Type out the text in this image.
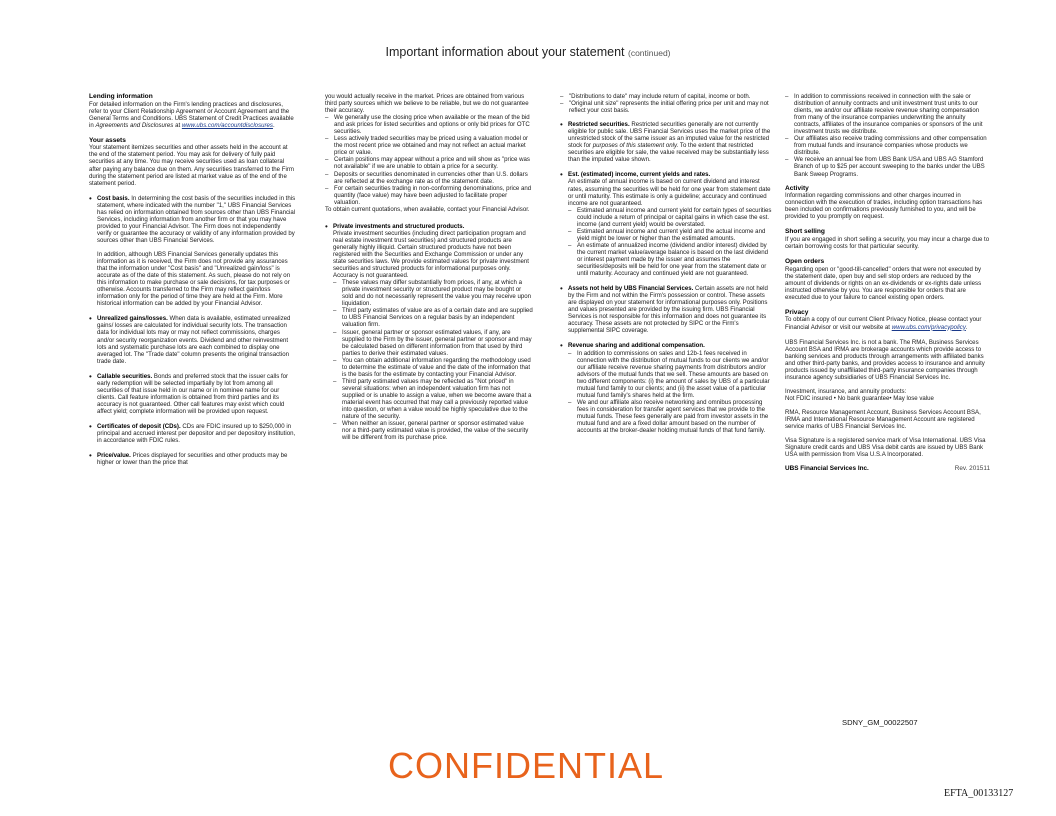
Important information about your statement (continued)
Lending information
For detailed information on the Firm's lending practices and disclosures, refer to your Client Relationship Agreement or Account Agreement and the General Terms and Conditions. UBS Statement of Credit Practices available in Agreements and Disclosures at www.ubs.com/accountdisclosures.
Your assets
Your statement itemizes securities and other assets held in the account at the end of the statement period. You may ask for delivery of fully paid securities at any time. You may receive securities used as loan collateral after paying any balance due on them. Any securities transferred to the Firm during the statement period are listed at market value as of the end of the statement period.
• Cost basis. In determining the cost basis of the securities included in this statement, where indicated with the number "1," UBS Financial Services has relied on information obtained from sources other than UBS Financial Services, including information from another firm or that you may have provided to your Financial Advisor. The Firm does not independently verify or guarantee the accuracy or validity of any information provided by sources other than UBS Financial Services.
In addition, although UBS Financial Services generally updates this information as it is received, the Firm does not provide any assurances that the information under "Cost basis" and "Unrealized gain/loss" is accurate as of the date of this statement. As such, please do not rely on this information to make purchase or sale decisions, for tax purposes or otherwise. Accounts transferred to the Firm may reflect gain/loss information only for the period of time they are held at the Firm. More historical information can be added by your Financial Advisor.
• Unrealized gains/losses. When data is available, estimated unrealized gains/ losses are calculated for individual security lots. The transaction data for individual lots may or may not reflect commissions, charges and/or security reorganization events. Dividend and other reinvestment lots and systematic purchase lots are each combined to display one averaged lot. The "Trade date" column presents the original transaction trade date.
• Callable securities. Bonds and preferred stock that the issuer calls for early redemption will be selected impartially by lot from among all securities of that issue held in our name or in nominee name for our clients. Call feature information is obtained from third parties and its accuracy is not guaranteed. Other call features may exist which could affect yield; complete information will be provided upon request.
• Certificates of deposit (CDs). CDs are FDIC insured up to $250,000 in principal and accrued interest per depositor and per depository institution, in accordance with FDIC rules.
• Price/value. Prices displayed for securities and other products may be higher or lower than the price that
you would actually receive in the market. Prices are obtained from various third party sources which we believe to be reliable, but we do not guarantee their accuracy.
– We generally use the closing price when available or the mean of the bid and ask prices for listed securities and options or only bid prices for OTC securities.
– Less actively traded securities may be priced using a valuation model or the most recent price we obtained and may not reflect an actual market price or value.
– Certain positions may appear without a price and will show as "price was not available" if we are unable to obtain a price for a security.
– Deposits or securities denominated in currencies other than U.S. dollars are reflected at the exchange rate as of the statement date.
– For certain securities trading in non-conforming denominations, price and quantity (face value) may have been adjusted to facilitate proper valuation.
To obtain current quotations, when available, contact your Financial Advisor.
• Private investments and structured products.
Private investment securities (including direct participation program and real estate investment trust securities) and structured products are generally highly illiquid. Certain structured products have not been registered with the Securities and Exchange Commission or under any state securities laws. We provide estimated values for private investment securities and structured products for informational purposes only. Accuracy is not guaranteed.
– These values may differ substantially from prices, if any, at which a private investment security or structured product may be bought or sold and do not necessarily represent the value you may receive upon liquidation.
– Third party estimates of value are as of a certain date and are supplied to UBS Financial Services on a regular basis by an independent valuation firm.
– Issuer, general partner or sponsor estimated values, if any, are supplied to the Firm by the issuer, general partner or sponsor and may be calculated based on different information from that used by third parties to derive their estimated values.
– You can obtain additional information regarding the methodology used to determine the estimate of value and the date of the information that is the basis for the estimate by contacting your Financial Advisor.
– Third party estimated values may be reflected as "Not priced" in several situations: when an independent valuation firm has not supplied or is unable to assign a value, when we become aware that a material event has occurred that may call a previously reported value into question, or when a value would be highly speculative due to the nature of the security.
– When neither an issuer, general partner or sponsor estimated value nor a third-party estimated value is provided, the value of the security will be different from its purchase price.
– "Distributions to date" may include return of capital, income or both.
– "Original unit size" represents the initial offering price per unit and may not reflect your cost basis.
• Restricted securities. Restricted securities generally are not currently eligible for public sale. UBS Financial Services uses the market price of the unrestricted stock of the same issuer as an imputed value for the restricted stock for purposes of this statement only. To the extent that restricted securities are eligible for sale, the value received may be substantially less than the imputed value shown.
• Est. (estimated) income, current yields and rates.
An estimate of annual income is based on current dividend and interest rates, assuming the securities will be held for one year from statement date or until maturity. This estimate is only a guideline; accuracy and continued income are not guaranteed.
– Estimated annual income and current yield for certain types of securities could include a return of principal or capital gains in which case the est. income (and current yield) would be overstated.
– Estimated annual income and current yield and the actual income and yield might be lower or higher than the estimated amounts.
– An estimate of annualized income (dividend and/or interest) divided by the current market value/average balance is based on the last dividend or interest payment made by the issuer and assumes the securities/deposits will be held for one year from the statement date or until maturity. Accuracy and continued yield are not guaranteed.
• Assets not held by UBS Financial Services. Certain assets are not held by the Firm and not within the Firm's possession or control. These assets are displayed on your statement for informational purposes only. Positions and values presented are provided by the issuing firm. UBS Financial Services is not responsible for this information and does not guarantee its accuracy. These assets are not protected by SIPC or the Firm's supplemental SIPC coverage.
• Revenue sharing and additional compensation.
– In addition to commissions on sales and 12b-1 fees received in connection with the distribution of mutual funds to our clients we and/or our affiliate receive revenue sharing payments from distributors and/or advisors of the mutual funds that we sell. These amounts are based on two different components: (i) the amount of sales by UBS of a particular mutual fund family to our clients; and (ii) the asset value of a particular mutual fund family's shares held at the firm.
– We and our affiliate also receive networking and omnibus processing fees in consideration for transfer agent services that we provide to the mutual funds. These fees generally are paid from investor assets in the mutual fund and are a fixed dollar amount based on the number of accounts at the broker-dealer holding mutual funds of that fund family.
– In addition to commissions received in connection with the sale or distribution of annuity contracts and unit investment trust units to our clients, we and/or our affiliate receive revenue sharing compensation from many of the insurance companies underwriting the annuity contracts, affiliates of the insurance companies or sponsors of the unit investment trusts we distribute.
– Our affiliates also receive trading commissions and other compensation from mutual funds and insurance companies whose products we distribute.
– We receive an annual fee from UBS Bank USA and UBS AG Stamford Branch of up to $25 per account sweeping to the banks under the UBS Bank Sweep Programs.
Activity
Information regarding commissions and other charges incurred in connection with the execution of trades, including option transactions has been included on confirmations previously furnished to you, and will be provided to you promptly on request.
Short selling
If you are engaged in short selling a security, you may incur a charge due to certain borrowing costs for that particular security.
Open orders
Regarding open or "good-till-cancelled" orders that were not executed by the statement date, open buy and sell stop orders are reduced by the amount of dividends or rights on an ex-dividends or ex-rights date unless instructed otherwise by you. You are responsible for orders that are executed due to your failure to cancel existing open orders.
Privacy
To obtain a copy of our current Client Privacy Notice, please contact your Financial Advisor or visit our website at www.ubs.com/privacypolicy.
UBS Financial Services Inc. is not a bank. The RMA, Business Services Account BSA and IRMA are brokerage accounts which provide access to banking services and products through arrangements with affiliated banks and other third-party banks, and provides access to insurance and annuity products issued by unaffiliated third-party insurance companies through insurance agency subsidiaries of UBS Financial Services Inc.
Investment, insurance, and annuity products:
Not FDIC insured • No bank guarantee• May lose value
RMA, Resource Management Account, Business Services Account BSA, IRMA and International Resource Management Account are registered service marks of UBS Financial Services Inc.
Visa Signature is a registered service mark of Visa International. UBS Visa Signature credit cards and UBS Visa debit cards are issued by UBS Bank USA with permission from Visa U.S.A Incorporated.
UBS Financial Services Inc.	Rev. 201511
SDNY_GM_00022507
CONFIDENTIAL
EFTA_00133127
